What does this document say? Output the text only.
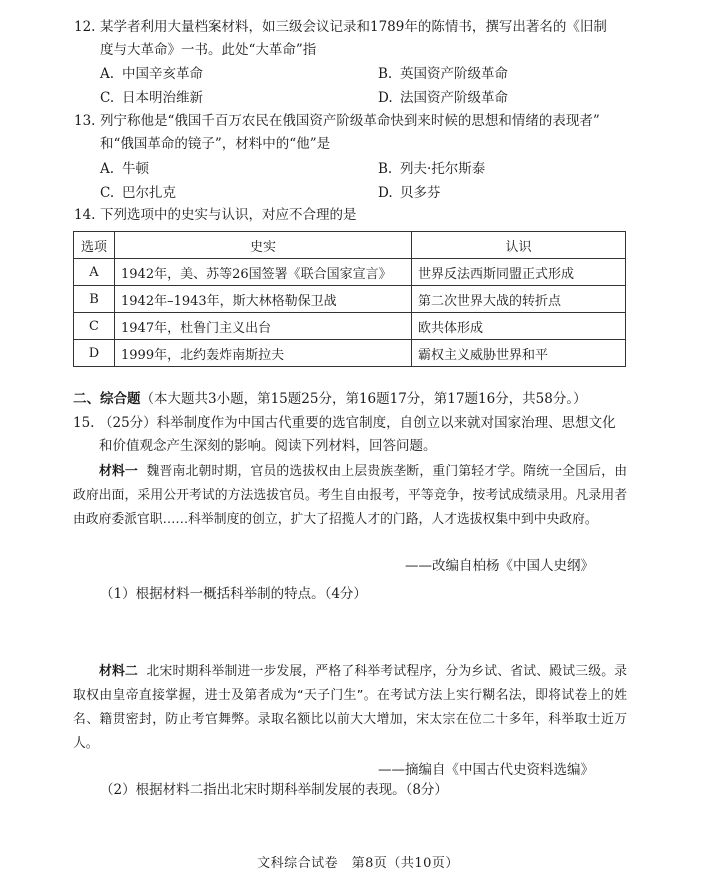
12. 某学者利用大量档案材料，如三级会议记录和1789年的陈情书，撰写出著名的《旧制
度与大革命》一书。此处“大革命”指
A. 中国辛亥革命	B. 英国资产阶级革命
C. 日本明治维新	D. 法国资产阶级革命
13. 列宁称他是“俄国千百万农民在俄国资产阶级革命快到来时候的思想和情绪的表现者”
和“俄国革命的镜子”，材料中的“他”是
A. 牛顿	B. 列夫·托尔斯泰
C. 巴尔扎克	D. 贝多芬
14. 下列选项中的史实与认识，对应不合理的是
选项	史实	认识
A	1942年，美、苏等26国签署《联合国家宣言》	世界反法西斯同盟正式形成
B	1942年–1943年，斯大林格勒保卫战	第二次世界大战的转折点
C	1947年，杜鲁门主义出台	欧共体形成
D	1999年，北约轰炸南斯拉夫	霸权主义威胁世界和平
二、综合题（本大题共3小题，第15题25分，第16题17分，第17题16分，共58分。）
15. （25分）科举制度作为中国古代重要的选官制度，自创立以来就对国家治理、思想文化
和价值观念产生深刻的影响。阅读下列材料，回答问题。
材料一 魏晋南北朝时期，官员的选拔权由上层贵族垄断，重门第轻才学。隋统一全国后，由政府出面，采用公开考试的方法选拔官员。考生自由报考，平等竞争，按考试成绩录用。凡录用者由政府委派官职……科举制度的创立，扩大了招揽人才的门路，人才选拔权集中到中央政府。
——改编自柏杨《中国人史纲》
（1）根据材料一概括科举制的特点。（4分）
材料二 北宋时期科举制进一步发展，严格了科举考试程序，分为乡试、省试、殿试三级。录取权由皇帝直接掌握，进士及第者成为“天子门生”。在考试方法上实行糊名法，即将试卷上的姓名、籍贯密封，防止考官舞弊。录取名额比以前大大增加，宋太宗在位二十多年，科举取士近万人。
——摘编自《中国古代史资料选编》
（2）根据材料二指出北宋时期科举制发展的表现。（8分）
文科综合试卷　第8页（共10页）
